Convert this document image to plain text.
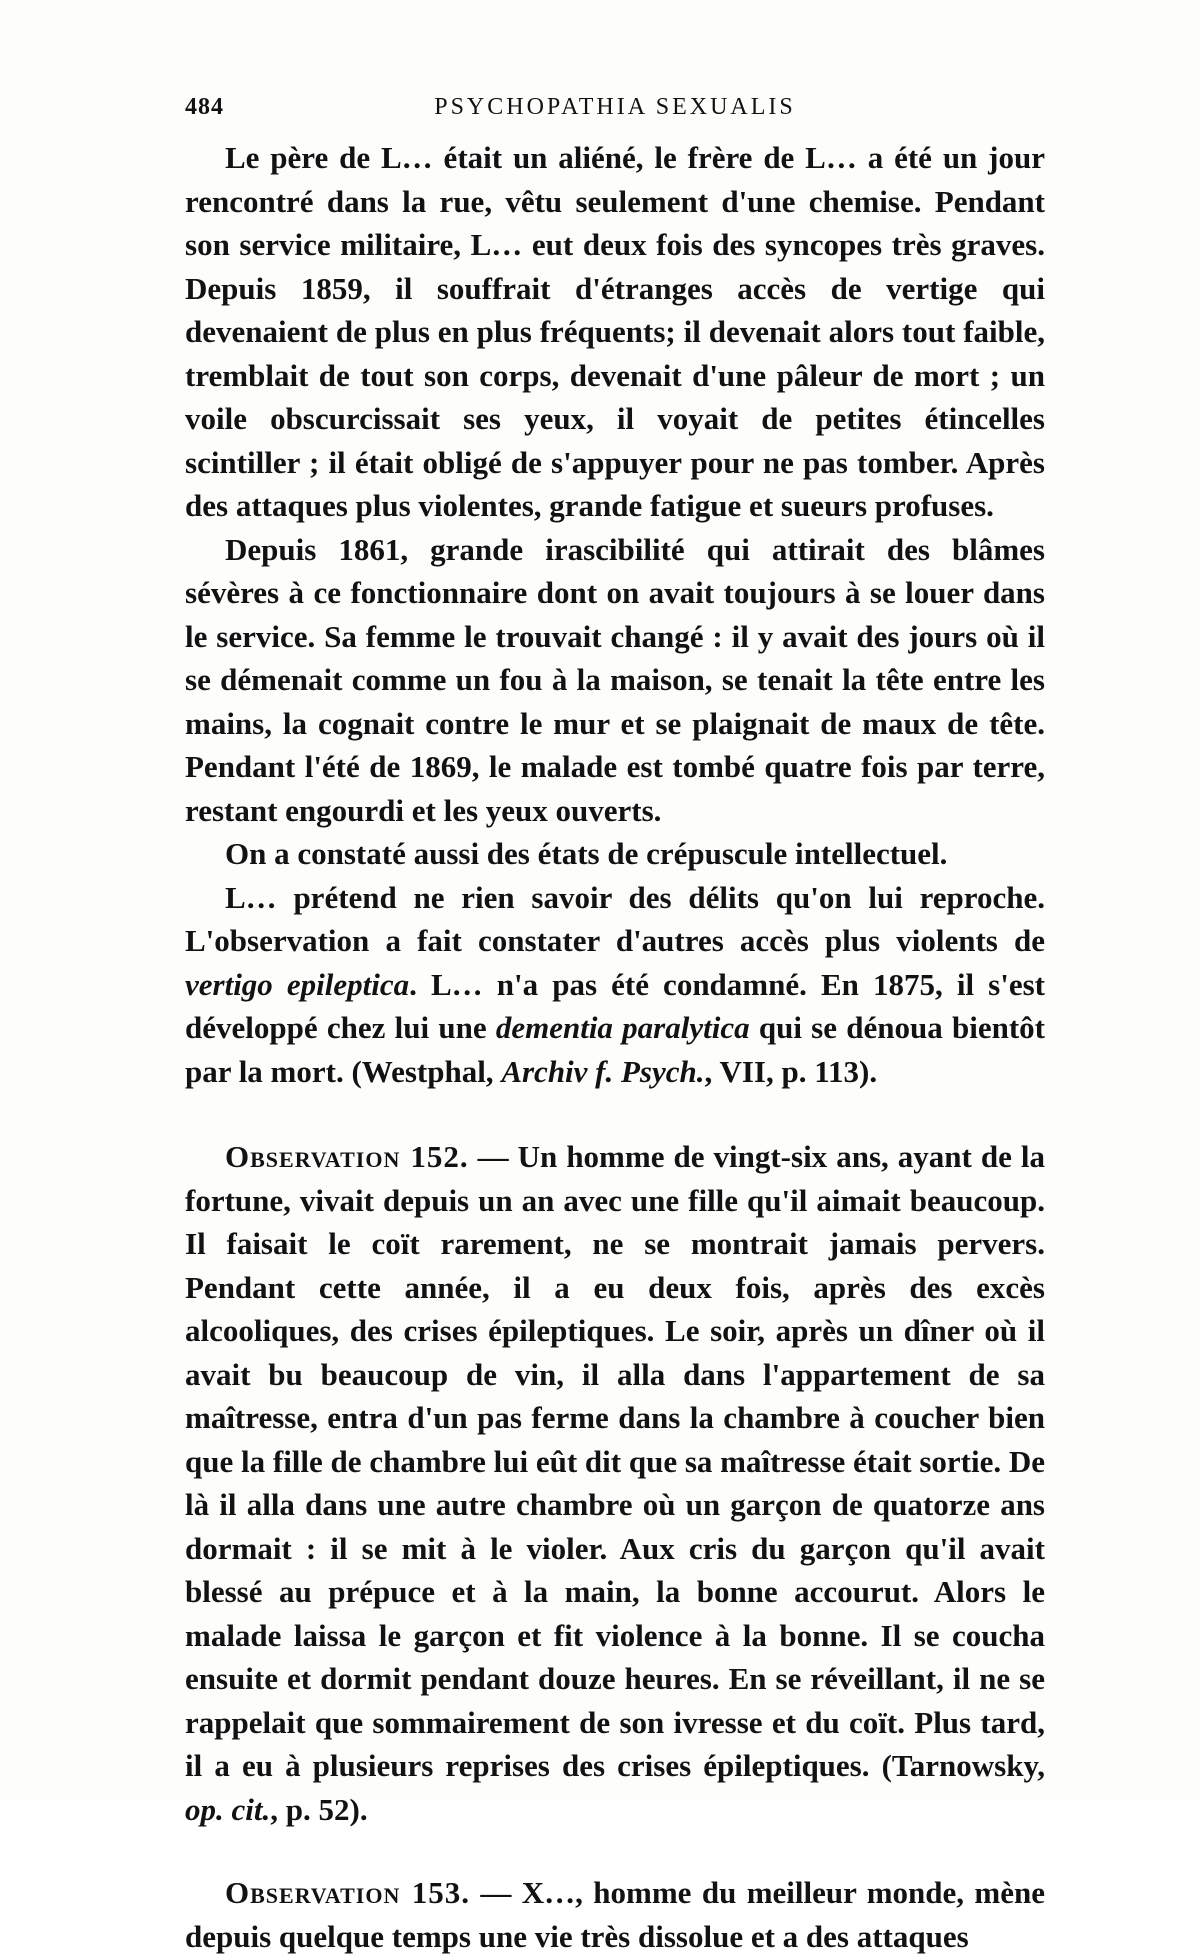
484	PSYCHOPATHIA SEXUALIS

Le père de L… était un aliéné, le frère de L… a été un jour rencontré dans la rue, vêtu seulement d'une chemise. Pendant son service militaire, L… eut deux fois des syncopes très graves. Depuis 1859, il souffrait d'étranges accès de vertige qui devenaient de plus en plus fréquents; il devenait alors tout faible, tremblait de tout son corps, devenait d'une pâleur de mort ; un voile obscurcissait ses yeux, il voyait de petites étincelles scintiller ; il était obligé de s'appuyer pour ne pas tomber. Après des attaques plus violentes, grande fatigue et sueurs profuses.

Depuis 1861, grande irascibilité qui attirait des blâmes sévères à ce fonctionnaire dont on avait toujours à se louer dans le service. Sa femme le trouvait changé : il y avait des jours où il se démenait comme un fou à la maison, se tenait la tête entre les mains, la cognait contre le mur et se plaignait de maux de tête. Pendant l'été de 1869, le malade est tombé quatre fois par terre, restant engourdi et les yeux ouverts.

On a constaté aussi des états de crépuscule intellectuel.

L… prétend ne rien savoir des délits qu'on lui reproche. L'observation a fait constater d'autres accès plus violents de vertigo epileptica. L… n'a pas été condamné. En 1875, il s'est développé chez lui une dementia paralytica qui se dénoua bientôt par la mort. (Westphal, Archiv f. Psych., VII, p. 113).

Observation 152. — Un homme de vingt-six ans, ayant de la fortune, vivait depuis un an avec une fille qu'il aimait beaucoup. Il faisait le coït rarement, ne se montrait jamais pervers. Pendant cette année, il a eu deux fois, après des excès alcooliques, des crises épileptiques. Le soir, après un dîner où il avait bu beaucoup de vin, il alla dans l'appartement de sa maîtresse, entra d'un pas ferme dans la chambre à coucher bien que la fille de chambre lui eût dit que sa maîtresse était sortie. De là il alla dans une autre chambre où un garçon de quatorze ans dormait : il se mit à le violer. Aux cris du garçon qu'il avait blessé au prépuce et à la main, la bonne accourut. Alors le malade laissa le garçon et fit violence à la bonne. Il se coucha ensuite et dormit pendant douze heures. En se réveillant, il ne se rappelait que sommairement de son ivresse et du coït. Plus tard, il a eu à plusieurs reprises des crises épileptiques. (Tarnowsky, op. cit., p. 52).

Observation 153. — X…, homme du meilleur monde, mène depuis quelque temps une vie très dissolue et a des attaques
